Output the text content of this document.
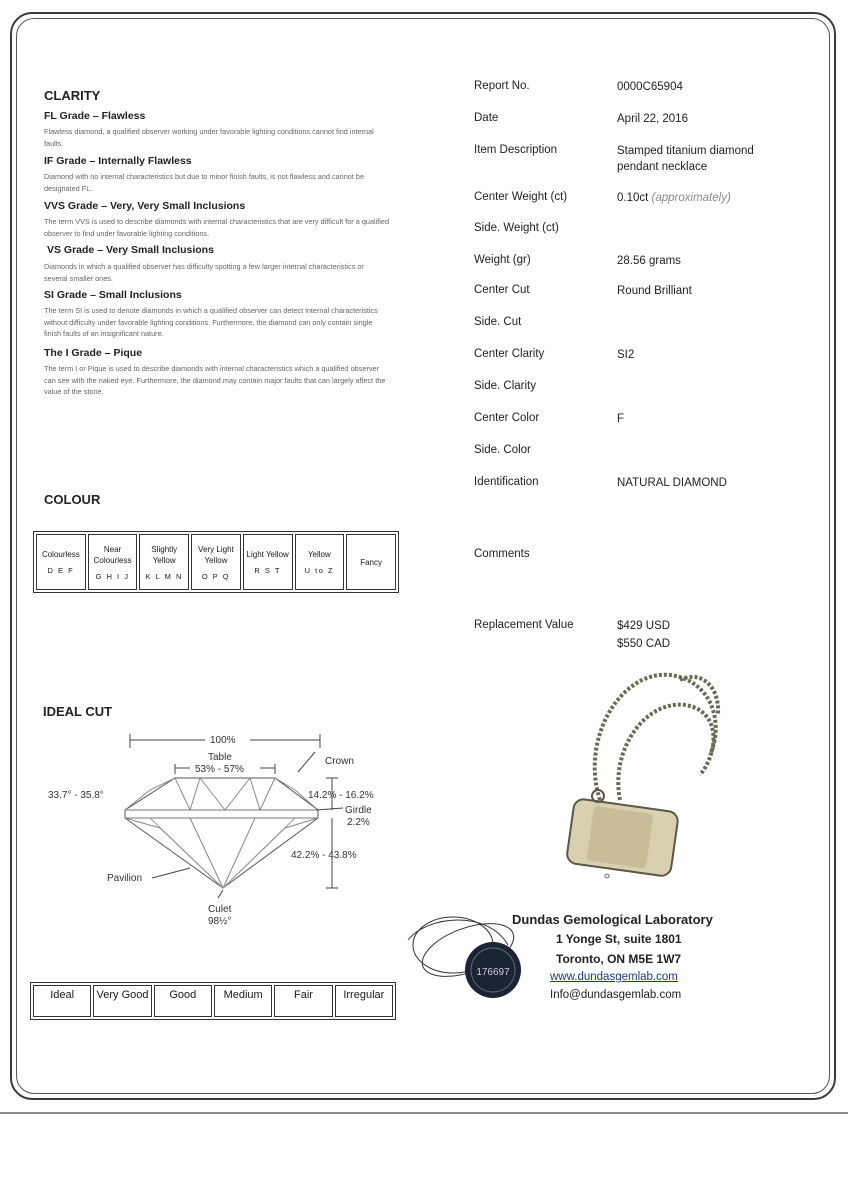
CLARITY
FL Grade – Flawless
Flawless diamond, a qualified observer working under favorable lighting conditions cannot find internal faults.
IF Grade – Internally Flawless
Diamond with no internal characteristics but due to minor finish faults, is not flawless and cannot be designated FL.
VVS Grade – Very, Very Small Inclusions
The term VVS is used to describe diamonds with internal characteristics that are very difficult for a qualified observer to find under favorable lighting conditions.
VS Grade – Very Small Inclusions
Diamonds in which a qualified observer has difficulty spotting a few larger internal characteristics or several smaller ones.
SI Grade – Small Inclusions
The term SI is used to denote diamonds in which a qualified observer can detect internal characteristics without difficulty under favorable lighting conditions. Furthermore, the diamond can only contain single finish faults of an insignificant nature.
The I Grade – Pique
The term I or Pique is used to describe diamonds with internal characteristics which a qualified observer can see with the naked eye. Furthermore, the diamond may contain major faults that can largely affect the value of the stone.
COLOUR
Colourless
D E F

Near Colourless
G H I J

Slightly Yellow
K L M N

Very Light Yellow
O P Q

Light Yellow
R S T

Yellow
U to Z

Fancy
IDEAL CUT
100%
Table
53% - 57%
Crown
33.7° - 35.8°	14.2% - 16.2%
Girdle
2.2%
42.2% - 43.8%
Pavilion
Culet
98½°
Ideal	Very Good	Good	Medium	Fair	Irregular
Report No.	0000C65904
Date	April 22, 2016
Item Description	Stamped titanium diamond pendant necklace
Center Weight (ct)	0.10ct (approximately)
Side. Weight (ct)
Weight (gr)	28.56 grams
Center Cut	Round Brilliant
Side. Cut
Center Clarity	SI2
Side. Clarity
Center Color	F
Side. Color
Identification	NATURAL DIAMOND
Comments
Replacement Value	$429 USD
$550 CAD
176697
Dundas Gemological Laboratory
1 Yonge St, suite 1801
Toronto, ON M5E 1W7
www.dundasgemlab.com
Info@dundasgemlab.com
